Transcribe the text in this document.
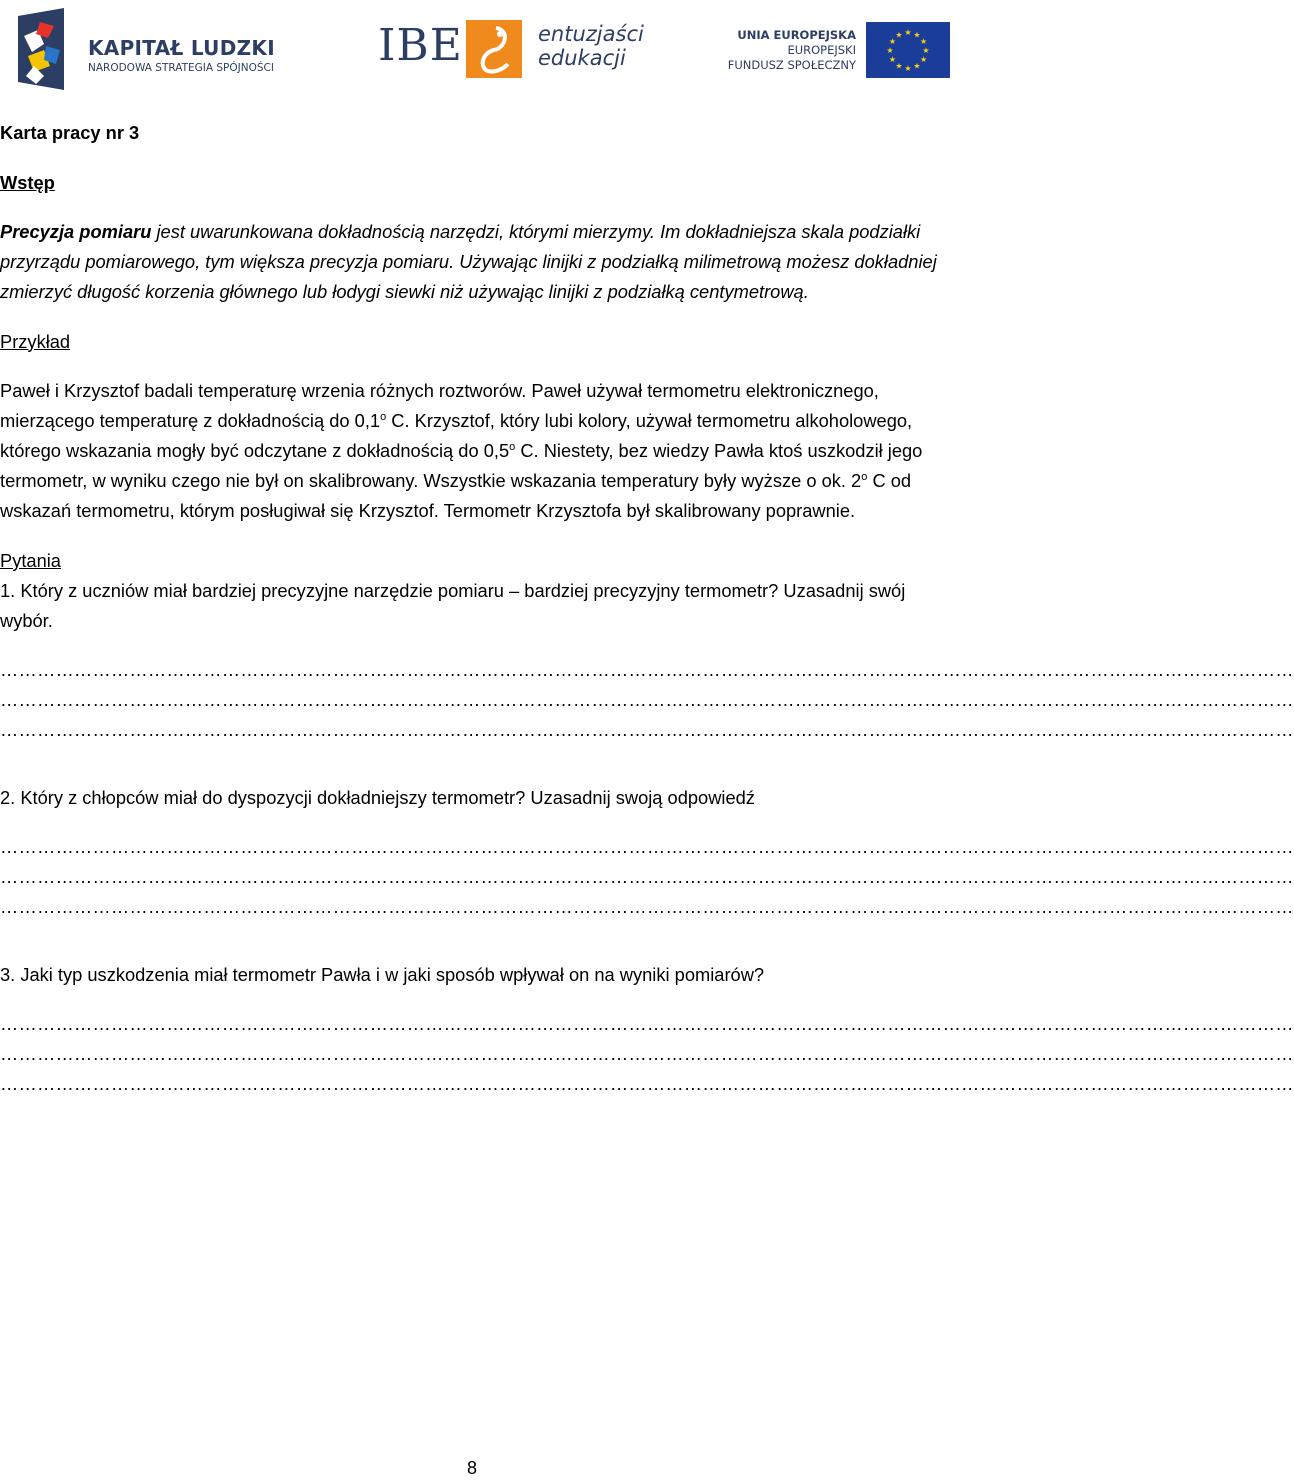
KAPITAŁ LUDZKI
NARODOWA STRATEGIA SPÓJNOŚCI IBE	entuzjaści
edukacji
UNIA EUROPEJSKA
EUROPEJSKI
FUNDUSZ SPOŁECZNY
★
★
★
★
★
★
★
★
★ ★ ★
★

Karta pracy nr 3

Wstęp

Precyzja pomiaru jest uwarunkowana dokładnością narzędzi, którymi mierzymy. Im dokładniejsza skala podziałki przyrządu pomiarowego, tym większa precyzja pomiaru. Używając linijki z podziałką milimetrową możesz dokładniej zmierzyć długość korzenia głównego lub łodygi siewki niż używając linijki z podziałką centymetrową.

Przykład

Paweł i Krzysztof badali temperaturę wrzenia różnych roztworów. Paweł używał termometru elektronicznego, mierzącego temperaturę z dokładnością do 0,1$^o$ C. Krzysztof, który lubi kolory, używał termometru alkoholowego, którego wskazania mogły być odczytane z dokładnością do 0,5$^o$ C. Niestety, bez wiedzy Pawła ktoś uszkodził jego termometr, w wyniku czego nie był on skalibrowany. Wszystkie wskazania temperatury były wyższe o ok. 2$^o$ C od wskazań termometru, którym posługiwał się Krzysztof. Termometr Krzysztofa był skalibrowany poprawnie.

Pytania

1. Który z uczniów miał bardziej precyzyjne narzędzie pomiaru – bardziej precyzyjny termometr? Uzasadnij swój wybór.

…………………………………………………………………………………………………………………………………………………………………………………………

…………………………………………………………………………………………………………………………………………………………………………………………

…………………………………………………………………………………………………………………………………………………………………………………………

2. Który z chłopców miał do dyspozycji dokładniejszy termometr? Uzasadnij swoją odpowiedź

…………………………………………………………………………………………………………………………………………………………………………………………

…………………………………………………………………………………………………………………………………………………………………………………………

…………………………………………………………………………………………………………………………………………………………………………………………

3. Jaki typ uszkodzenia miał termometr Pawła i w jaki sposób wpływał on na wyniki pomiarów?

…………………………………………………………………………………………………………………………………………………………………………………………

…………………………………………………………………………………………………………………………………………………………………………………………

…………………………………………………………………………………………………………………………………………………………………………………………

8
